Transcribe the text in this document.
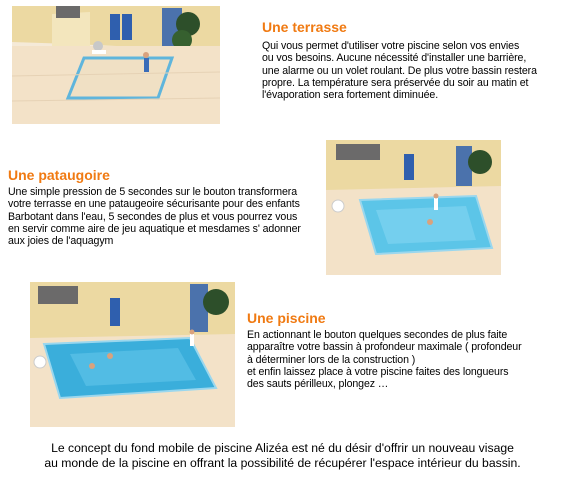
Une terrasse

Qui vous permet d'utiliser votre piscine selon vos envies
ou vos besoins. Aucune nécessité d'installer une barrière,
une alarme ou un volet roulant. De plus votre bassin restera
propre. La température sera préservée du soir au matin et
l'évaporation sera fortement diminuée.

Une pataugoire

Une simple pression de 5 secondes sur le bouton transformera
votre terrasse en une pataugeoire sécurisante pour des enfants
Barbotant dans l'eau, 5 secondes de plus et vous pourrez vous
en servir comme aire de jeu aquatique et mesdames s' adonner
aux joies de l'aquagym

Une piscine

En actionnant le bouton quelques secondes de plus faite
apparaître votre bassin à profondeur maximale ( profondeur
à déterminer lors de la construction )
et enfin laissez place à votre piscine faites des longueurs
des sauts périlleux, plongez …

Le concept du fond mobile de piscine Alizéa est né du désir d'offrir un nouveau visage
au monde de la piscine en offrant la possibilité de récupérer l'espace intérieur du bassin.
